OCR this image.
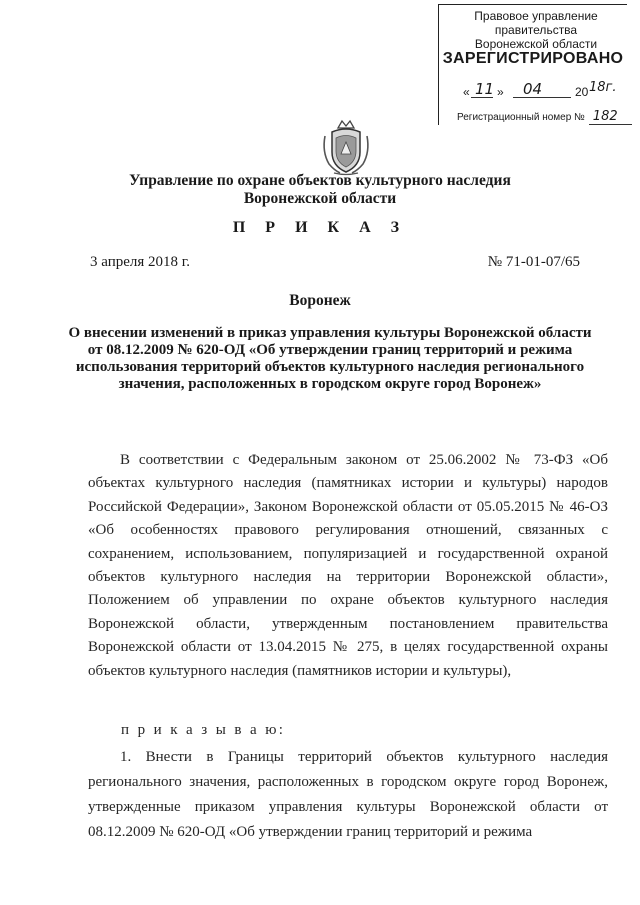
Правовое управление правительства
Воронежской области
ЗАРЕГИСТРИРОВАНО
« 11 » 04	20 18г.
Регистрационный номер № 182
Управление по охране объектов культурного наследия
Воронежской области
П Р И К А З
3 апреля 2018 г.	№ 71-01-07/65
Воронеж
О внесении изменений в приказ управления культуры Воронежской области от 08.12.2009 № 620-ОД «Об утверждении границ территорий и режима использования территорий объектов культурного наследия регионального значения, расположенных в городском округе город Воронеж»

В соответствии с Федеральным законом от 25.06.2002 № 73-ФЗ «Об объектах культурного наследия (памятниках истории и культуры) народов Российской Федерации», Законом Воронежской области от 05.05.2015 № 46-ОЗ «Об особенностях правового регулирования отношений, связанных с сохранением, использованием, популяризацией и государственной охраной объектов культурного наследия на территории Воронежской области», Положением об управлении по охране объектов культурного наследия Воронежской области, утвержденным постановлением правительства Воронежской области от 13.04.2015 № 275, в целях государственной охраны объектов культурного наследия (памятников истории и культуры),

п р и к а з ы в а ю:

1. Внести в Границы территорий объектов культурного наследия регионального значения, расположенных в городском округе город Воронеж, утвержденные приказом управления культуры Воронежской области от 08.12.2009 № 620-ОД «Об утверждении границ территорий и режима
